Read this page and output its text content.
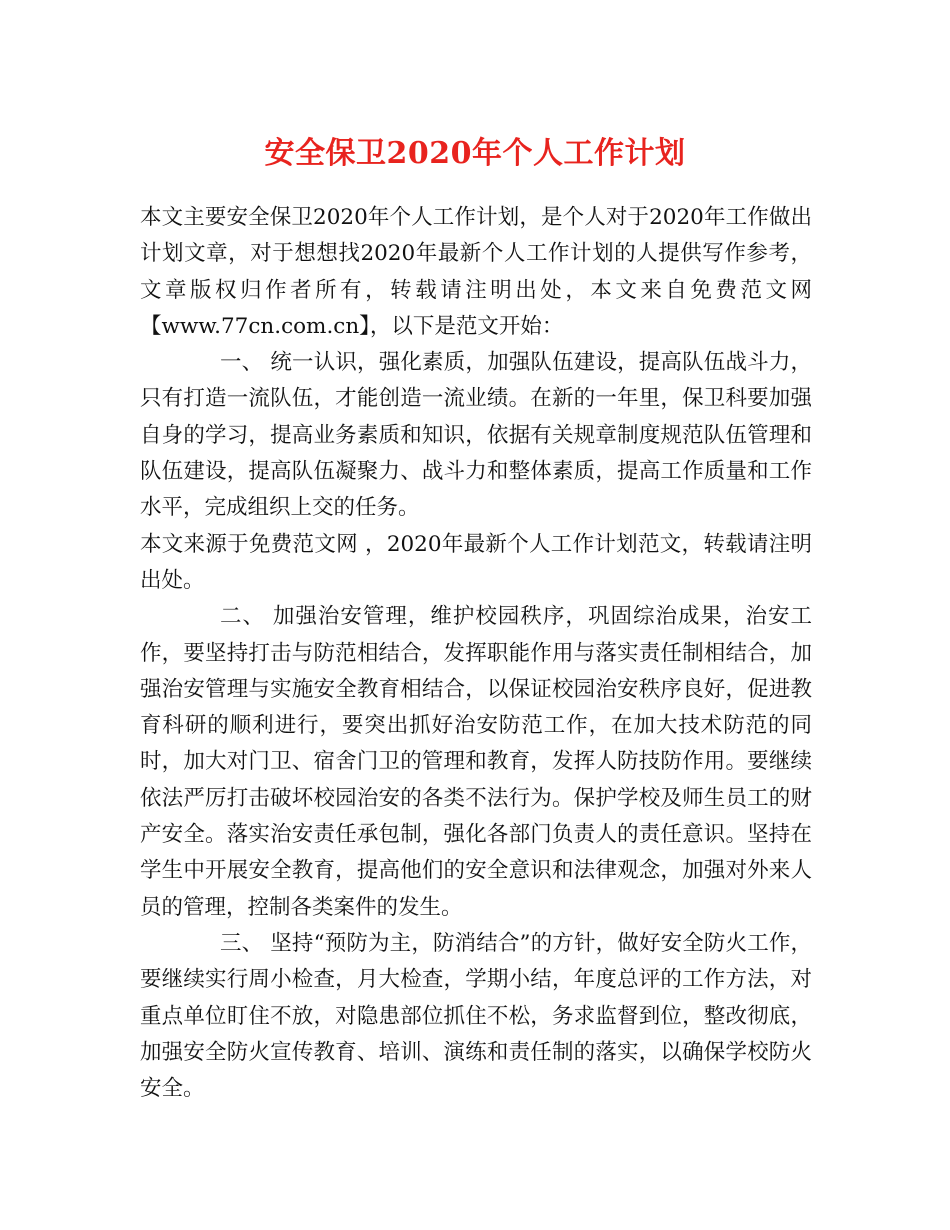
安全保卫2020年个人工作计划

本文主要安全保卫2020年个人工作计划，是个人对于2020年工作做出计划文章，对于想想找2020年最新个人工作计划的人提供写作参考，文章版权归作者所有，转载请注明出处，本文来自免费范文网【www.77cn.com.cn】，以下是范文开始：

一、 统一认识，强化素质，加强队伍建设，提高队伍战斗力，只有打造一流队伍，才能创造一流业绩。在新的一年里，保卫科要加强自身的学习，提高业务素质和知识，依据有关规章制度规范队伍管理和队伍建设，提高队伍凝聚力、战斗力和整体素质，提高工作质量和工作水平，完成组织上交的任务。

本文来源于免费范文网 ，2020年最新个人工作计划范文，转载请注明出处。

二、 加强治安管理，维护校园秩序，巩固综治成果，治安工作，要坚持打击与防范相结合，发挥职能作用与落实责任制相结合，加强治安管理与实施安全教育相结合，以保证校园治安秩序良好，促进教育科研的顺利进行，要突出抓好治安防范工作，在加大技术防范的同时，加大对门卫、宿舍门卫的管理和教育，发挥人防技防作用。要继续依法严厉打击破坏校园治安的各类不法行为。保护学校及师生员工的财产安全。落实治安责任承包制，强化各部门负责人的责任意识。坚持在学生中开展安全教育，提高他们的安全意识和法律观念，加强对外来人员的管理，控制各类案件的发生。

三、 坚持“预防为主，防消结合”的方针，做好安全防火工作，要继续实行周小检查，月大检查，学期小结，年度总评的工作方法，对重点单位盯住不放，对隐患部位抓住不松，务求监督到位，整改彻底，加强安全防火宣传教育、培训、演练和责任制的落实，以确保学校防火安全。
